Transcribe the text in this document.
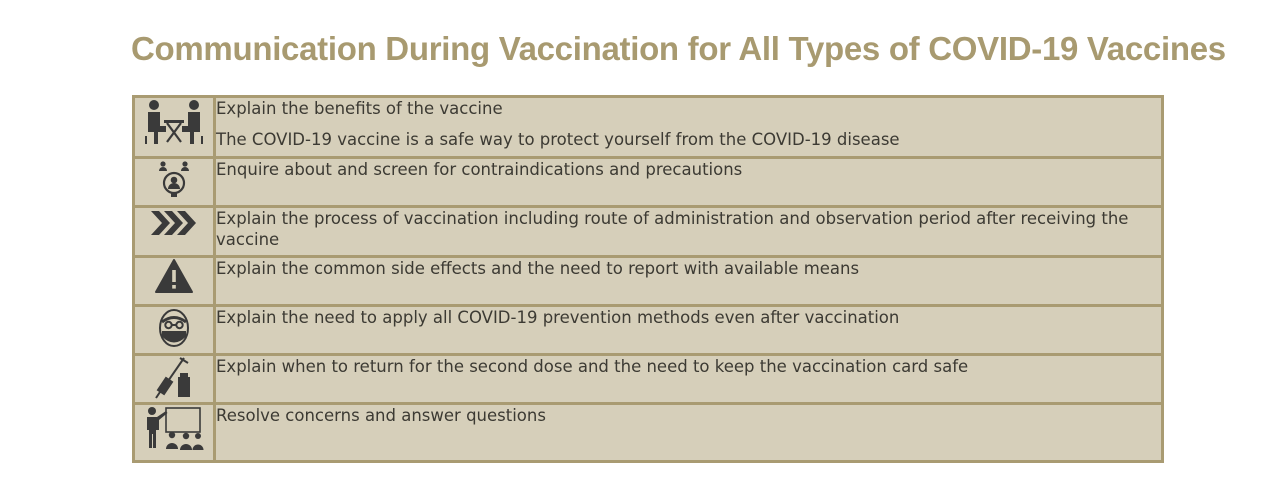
Communication During Vaccination for All Types of COVID-19 Vaccines

Explain the benefits of the vaccine
The COVID-19 vaccine is a safe way to protect yourself from the COVID-19 disease

Enquire about and screen for contraindications and precautions

Explain the process of vaccination including route of administration and observation period after receiving the vaccine

Explain the common side effects and the need to report with available means

Explain the need to apply all COVID-19 prevention methods even after vaccination

Explain when to return for the second dose and the need to keep the vaccination card safe

Resolve concerns and answer questions
